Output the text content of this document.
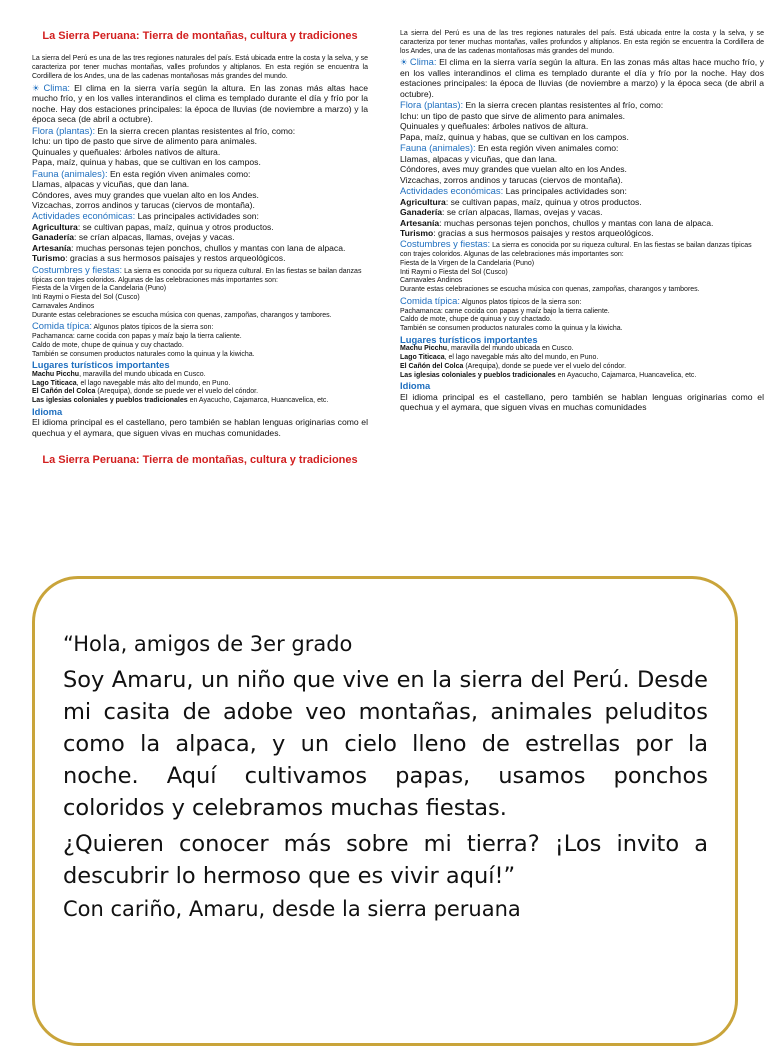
La Sierra Peruana: Tierra de montañas, cultura y tradiciones

La sierra del Perú es una de las tres regiones naturales del país. Está ubicada entre la costa y la selva, y se caracteriza por tener muchas montañas, valles profundos y altiplanos. En esta región se encuentra la Cordillera de los Andes, una de las cadenas montañosas más grandes del mundo.

☀ Clima: El clima en la sierra varía según la altura. En las zonas más altas hace mucho frío, y en los valles interandinos el clima es templado durante el día y frío por la noche. Hay dos estaciones principales: la época de lluvias (de noviembre a marzo) y la época seca (de abril a octubre).

Flora (plantas): En la sierra crecen plantas resistentes al frío, como:

Ichu: un tipo de pasto que sirve de alimento para animales.

Quinuales y queñuales: árboles nativos de altura.

Papa, maíz, quinua y habas, que se cultivan en los campos.

Fauna (animales): En esta región viven animales como:

Llamas, alpacas y vicuñas, que dan lana.

Cóndores, aves muy grandes que vuelan alto en los Andes.

Vizcachas, zorros andinos y tarucas (ciervos de montaña).

Actividades económicas: Las principales actividades son:

Agricultura: se cultivan papas, maíz, quinua y otros productos.

Ganadería: se crían alpacas, llamas, ovejas y vacas.

Artesanía: muchas personas tejen ponchos, chullos y mantas con lana de alpaca.

Turismo: gracias a sus hermosos paisajes y restos arqueológicos.

Costumbres y fiestas: La sierra es conocida por su riqueza cultural. En las fiestas se bailan danzas típicas con trajes coloridos. Algunas de las celebraciones más importantes son:

Fiesta de la Virgen de la Candelaria (Puno)

Inti Raymi o Fiesta del Sol (Cusco)

Carnavales Andinos

Durante estas celebraciones se escucha música con quenas, zampoñas, charangos y tambores.

Comida típica: Algunos platos típicos de la sierra son:

Pachamanca: carne cocida con papas y maíz bajo la tierra caliente.

Caldo de mote, chupe de quinua y cuy chactado.

También se consumen productos naturales como la quinua y la kiwicha.

Lugares turísticos importantes

Machu Picchu, maravilla del mundo ubicada en Cusco.

Lago Titicaca, el lago navegable más alto del mundo, en Puno.

El Cañón del Colca (Arequipa), donde se puede ver el vuelo del cóndor.

Las iglesias coloniales y pueblos tradicionales en Ayacucho, Cajamarca, Huancavelica, etc.

Idioma

El idioma principal es el castellano, pero también se hablan lenguas originarias como el quechua y el aymara, que siguen vivas en muchas comunidades.

La Sierra Peruana: Tierra de montañas, cultura y tradiciones

La sierra del Perú es una de las tres regiones naturales del país. Está ubicada entre la costa y la selva, y se caracteriza por tener muchas montañas, valles profundos y altiplanos. En esta región se encuentra la Cordillera de los Andes, una de las cadenas montañosas más grandes del mundo.

☀ Clima: El clima en la sierra varía según la altura. En las zonas más altas hace mucho frío, y en los valles interandinos el clima es templado durante el día y frío por la noche. Hay dos estaciones principales: la época de lluvias (de noviembre a marzo) y la época seca (de abril a octubre).

Flora (plantas): En la sierra crecen plantas resistentes al frío, como:

Ichu: un tipo de pasto que sirve de alimento para animales.

Quinuales y queñuales: árboles nativos de altura.

Papa, maíz, quinua y habas, que se cultivan en los campos.

Fauna (animales): En esta región viven animales como:

Llamas, alpacas y vicuñas, que dan lana.

Cóndores, aves muy grandes que vuelan alto en los Andes.

Vizcachas, zorros andinos y tarucas (ciervos de montaña).

Actividades económicas: Las principales actividades son:

Agricultura: se cultivan papas, maíz, quinua y otros productos.

Ganadería: se crían alpacas, llamas, ovejas y vacas.

Artesanía: muchas personas tejen ponchos, chullos y mantas con lana de alpaca.

Turismo: gracias a sus hermosos paisajes y restos arqueológicos.

Costumbres y fiestas: La sierra es conocida por su riqueza cultural. En las fiestas se bailan danzas típicas con trajes coloridos. Algunas de las celebraciones más importantes son:

Fiesta de la Virgen de la Candelaria (Puno)

Inti Raymi o Fiesta del Sol (Cusco)

Carnavales Andinos

Durante estas celebraciones se escucha música con quenas, zampoñas, charangos y tambores.

Comida típica: Algunos platos típicos de la sierra son:

Pachamanca: carne cocida con papas y maíz bajo la tierra caliente.

Caldo de mote, chupe de quinua y cuy chactado.

También se consumen productos naturales como la quinua y la kiwicha.

Lugares turísticos importantes

Machu Picchu, maravilla del mundo ubicada en Cusco.

Lago Titicaca, el lago navegable más alto del mundo, en Puno.

El Cañón del Colca (Arequipa), donde se puede ver el vuelo del cóndor.

Las iglesias coloniales y pueblos tradicionales en Ayacucho, Cajamarca, Huancavelica, etc.

Idioma

El idioma principal es el castellano, pero también se hablan lenguas originarias como el quechua y el aymara, que siguen vivas en muchas comunidades

“Hola, amigos de 3er grado

Soy Amaru, un niño que vive en la sierra del Perú. Desde mi casita de adobe veo montañas, animales peluditos como la alpaca, y un cielo lleno de estrellas por la noche. Aquí cultivamos papas, usamos ponchos coloridos y celebramos muchas fiestas.

¿Quieren conocer más sobre mi tierra? ¡Los invito a descubrir lo hermoso que es vivir aquí!”

Con cariño, Amaru, desde la sierra peruana
